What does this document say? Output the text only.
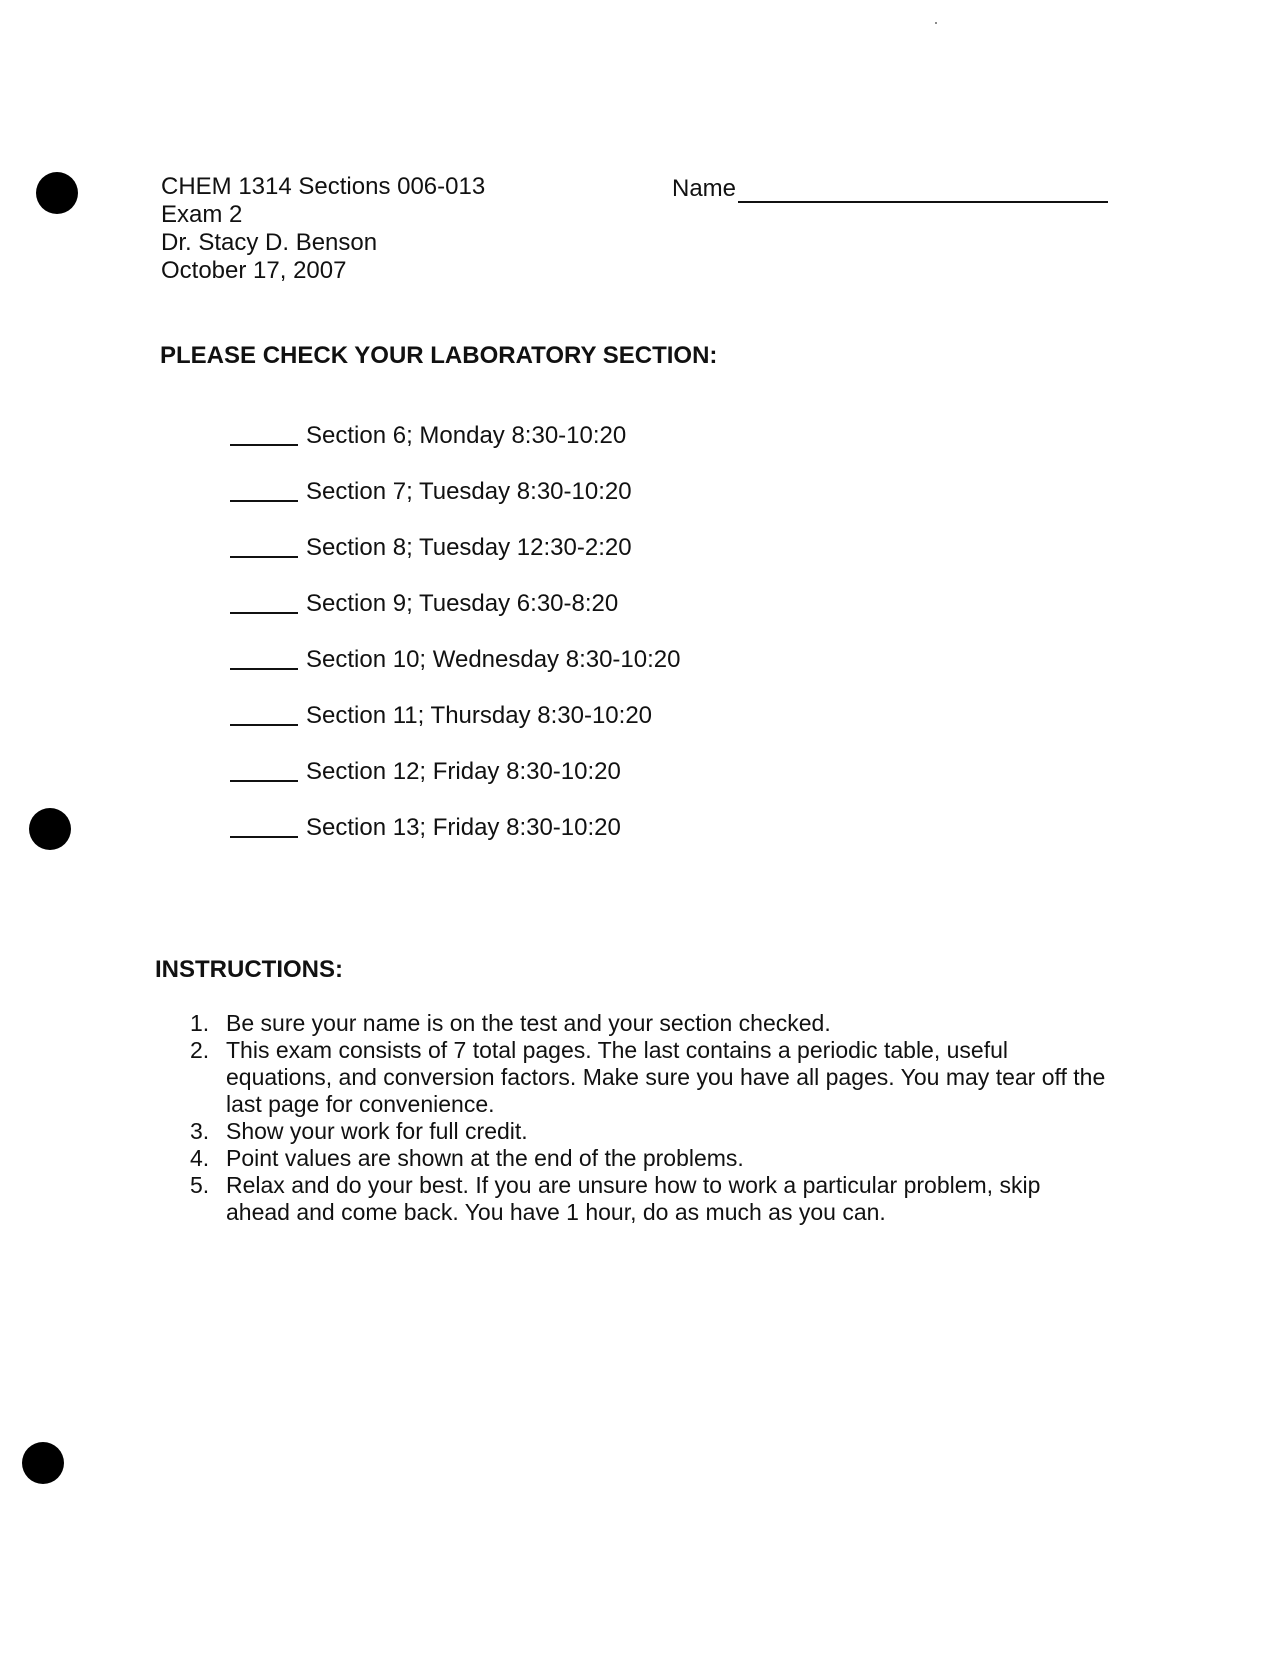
CHEM 1314 Sections 006-013
Exam 2
Dr. Stacy D. Benson
October 17, 2007
Name
PLEASE CHECK YOUR LABORATORY SECTION:
Section 6; Monday 8:30-10:20
Section 7; Tuesday 8:30-10:20
Section 8; Tuesday 12:30-2:20
Section 9; Tuesday 6:30-8:20
Section 10; Wednesday 8:30-10:20
Section 11; Thursday 8:30-10:20
Section 12; Friday 8:30-10:20
Section 13; Friday 8:30-10:20
INSTRUCTIONS:
1. Be sure your name is on the test and your section checked.
2. This exam consists of 7 total pages. The last contains a periodic table, useful equations, and conversion factors. Make sure you have all pages. You may tear off the last page for convenience.
3. Show your work for full credit.
4. Point values are shown at the end of the problems.
5. Relax and do your best. If you are unsure how to work a particular problem, skip ahead and come back. You have 1 hour, do as much as you can.
